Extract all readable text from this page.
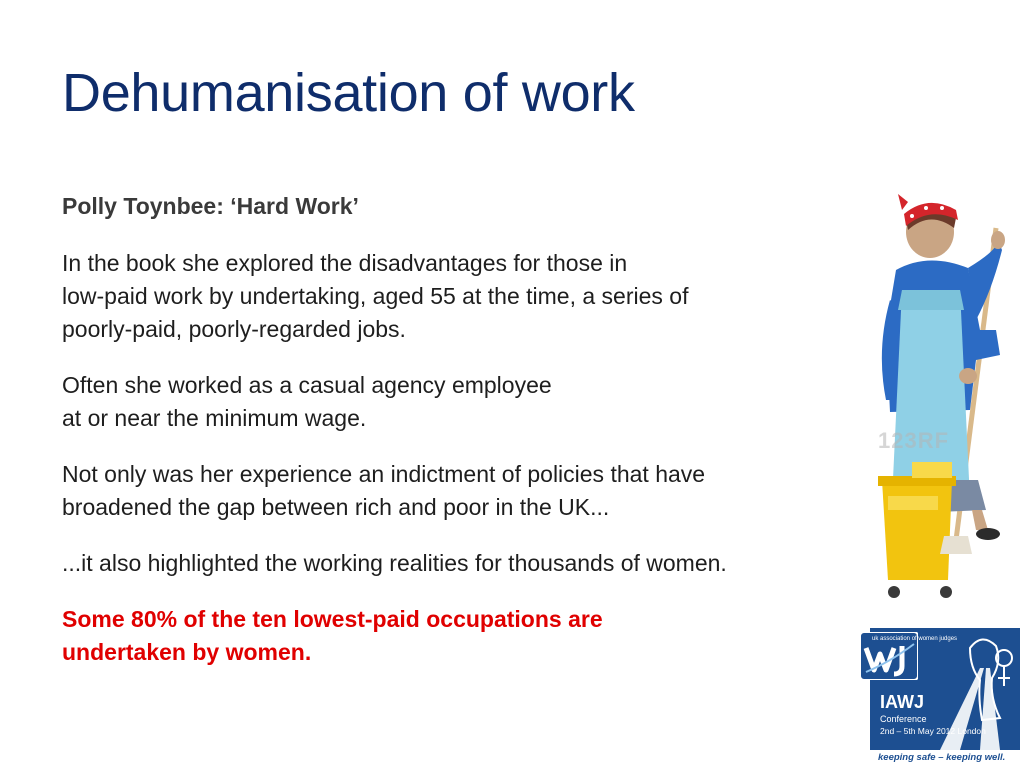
Dehumanisation of work

Polly Toynbee: ‘Hard Work’

In the book she explored the disadvantages for those in
low-paid work by undertaking, aged 55 at the time, a series of
poorly-paid, poorly-regarded jobs.

Often she worked as a casual agency employee
at or near the minimum wage.

Not only was her experience an indictment of policies that have
broadened the gap between rich and poor in the UK...

...it also highlighted the working realities for thousands of women.

Some 80% of the ten lowest-paid occupations are
undertaken by women.

123RF
uk association of women judges
IAWJ
Conference
2nd – 5th May 2012 London
keeping safe – keeping well.
